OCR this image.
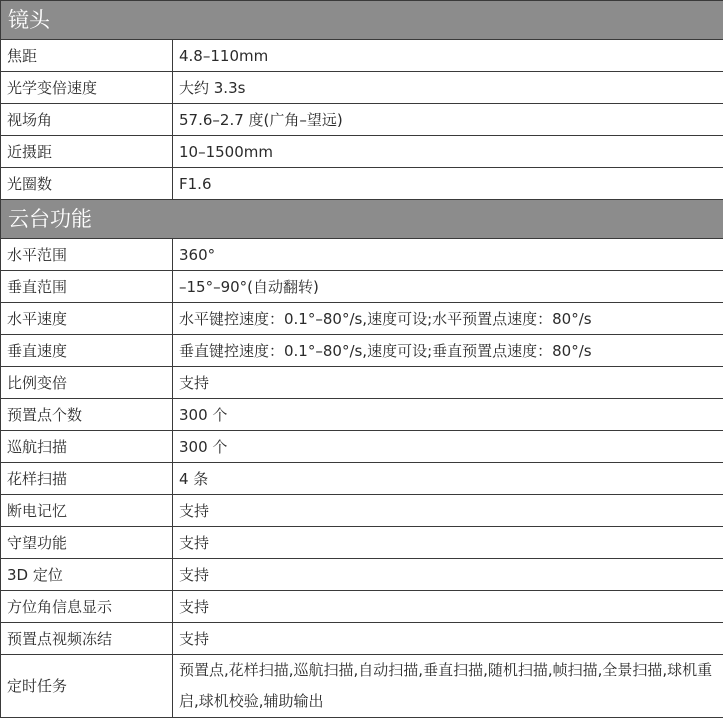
镜头	
焦距	4.8–110mm
光学变倍速度	大约 3.3s
视场角	57.6–2.7 度(广角–望远)
近摄距	10–1500mm
光圈数	F1.6
云台功能	
水平范围	360°
垂直范围	–15°–90°(自动翻转)
水平速度	水平键控速度：0.1°–80°/s,速度可设;水平预置点速度：80°/s
垂直速度	垂直键控速度：0.1°–80°/s,速度可设;垂直预置点速度：80°/s
比例变倍	支持
预置点个数	300 个
巡航扫描	300 个
花样扫描	4 条
断电记忆	支持
守望功能	支持
3D 定位	支持
方位角信息显示	支持
预置点视频冻结	支持
定时任务	预置点,花样扫描,巡航扫描,自动扫描,垂直扫描,随机扫描,帧扫描,全景扫描,球机重启,球机校验,辅助输出
